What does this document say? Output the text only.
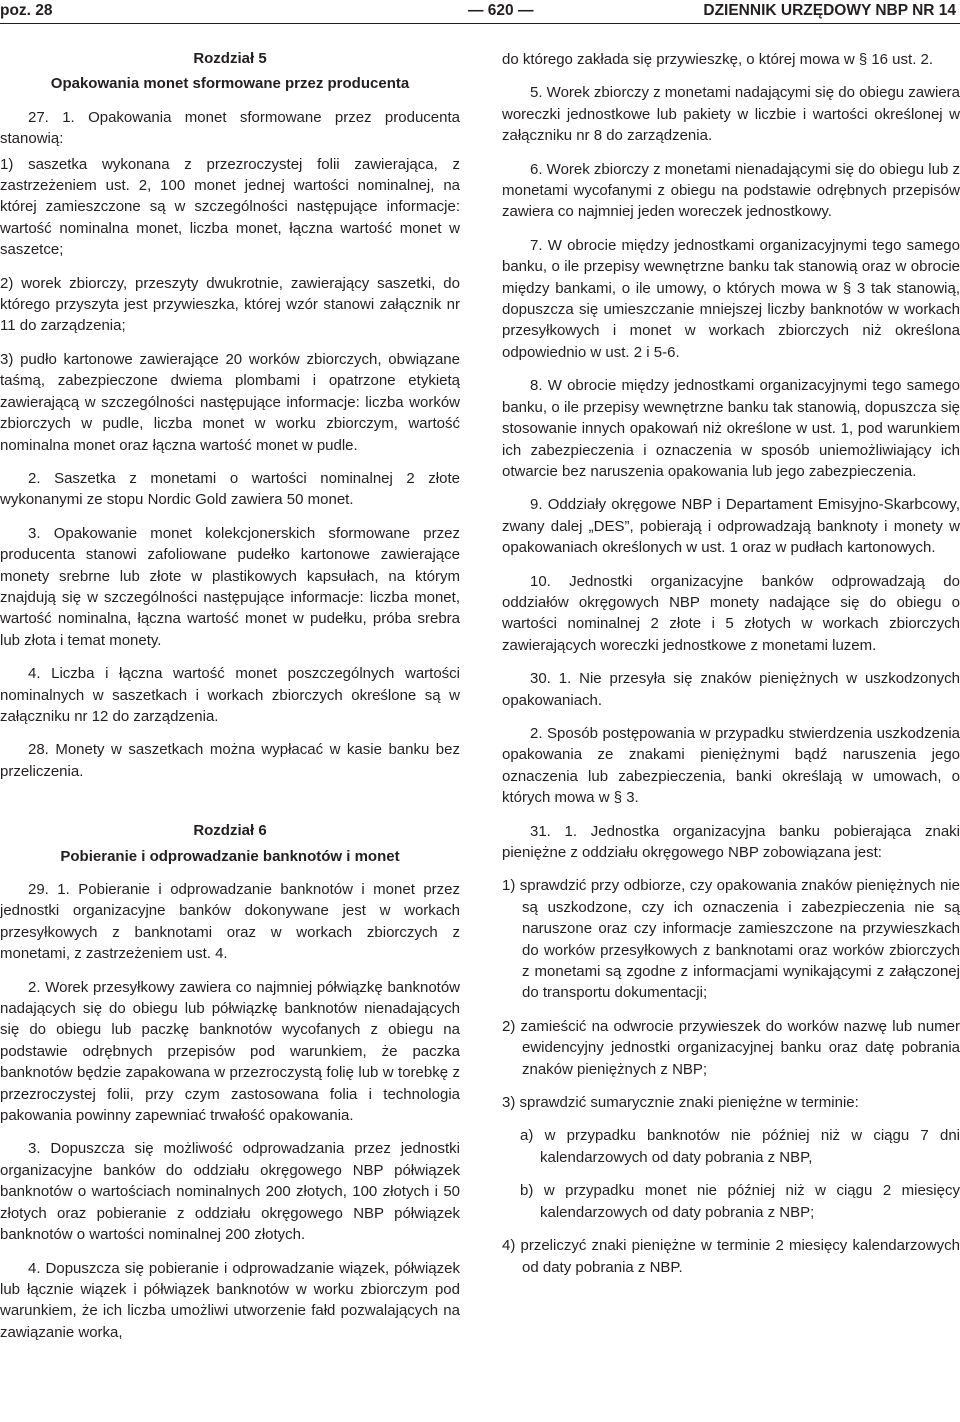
poz. 28	— 620 —	DZIENNIK URZĘDOWY NBP NR 14

Rozdział 5

Opakowania monet sformowane przez producenta

27. 1. Opakowania monet sformowane przez producenta stanowią:

1) saszetka wykonana z przezroczystej folii zawierająca, z zastrzeżeniem ust. 2, 100 monet jednej wartości nominalnej, na której zamieszczone są w szczególności następujące informacje: wartość nominalna monet, liczba monet, łączna wartość monet w saszetce;

2) worek zbiorczy, przeszyty dwukrotnie, zawierający saszetki, do którego przyszyta jest przywieszka, której wzór stanowi załącznik nr 11 do zarządzenia;

3) pudło kartonowe zawierające 20 worków zbiorczych, obwiązane taśmą, zabezpieczone dwiema plombami i opatrzone etykietą zawierającą w szczególności następujące informacje: liczba worków zbiorczych w pudle, liczba monet w worku zbiorczym, wartość nominalna monet oraz łączna wartość monet w pudle.

2. Saszetka z monetami o wartości nominalnej 2 złote wykonanymi ze stopu Nordic Gold zawiera 50 monet.

3. Opakowanie monet kolekcjonerskich sformowane przez producenta stanowi zafoliowane pudełko kartonowe zawierające monety srebrne lub złote w plastikowych kapsułach, na którym znajdują się w szczególności następujące informacje: liczba monet, wartość nominalna, łączna wartość monet w pudełku, próba srebra lub złota i temat monety.

4. Liczba i łączna wartość monet poszczególnych wartości nominalnych w saszetkach i workach zbiorczych określone są w załączniku nr 12 do zarządzenia.

28. Monety w saszetkach można wypłacać w kasie banku bez przeliczenia.

Rozdział 6

Pobieranie i odprowadzanie banknotów i monet

29. 1. Pobieranie i odprowadzanie banknotów i monet przez jednostki organizacyjne banków dokonywane jest w workach przesyłkowych z banknotami oraz w workach zbiorczych z monetami, z zastrzeżeniem ust. 4.

2. Worek przesyłkowy zawiera co najmniej półwiązkę banknotów nadających się do obiegu lub półwiązkę banknotów nienadających się do obiegu lub paczkę banknotów wycofanych z obiegu na podstawie odrębnych przepisów pod warunkiem, że paczka banknotów będzie zapakowana w przezroczystą folię lub w torebkę z przezroczystej folii, przy czym zastosowana folia i technologia pakowania powinny zapewniać trwałość opakowania.

3. Dopuszcza się możliwość odprowadzania przez jednostki organizacyjne banków do oddziału okręgowego NBP półwiązek banknotów o wartościach nominalnych 200 złotych, 100 złotych i 50 złotych oraz pobieranie z oddziału okręgowego NBP półwiązek banknotów o wartości nominalnej 200 złotych.

4. Dopuszcza się pobieranie i odprowadzanie wiązek, półwiązek lub łącznie wiązek i półwiązek banknotów w worku zbiorczym pod warunkiem, że ich liczba umożliwi utworzenie fałd pozwalających na zawiązanie worka,

do którego zakłada się przywieszkę, o której mowa w § 16 ust. 2.

5. Worek zbiorczy z monetami nadającymi się do obiegu zawiera woreczki jednostkowe lub pakiety w liczbie i wartości określonej w załączniku nr 8 do zarządzenia.

6. Worek zbiorczy z monetami nienadającymi się do obiegu lub z monetami wycofanymi z obiegu na podstawie odrębnych przepisów zawiera co najmniej jeden woreczek jednostkowy.

7. W obrocie między jednostkami organizacyjnymi tego samego banku, o ile przepisy wewnętrzne banku tak stanowią oraz w obrocie między bankami, o ile umowy, o których mowa w § 3 tak stanowią, dopuszcza się umieszczanie mniejszej liczby banknotów w workach przesyłkowych i monet w workach zbiorczych niż określona odpowiednio w ust. 2 i 5-6.

8. W obrocie między jednostkami organizacyjnymi tego samego banku, o ile przepisy wewnętrzne banku tak stanowią, dopuszcza się stosowanie innych opakowań niż określone w ust. 1, pod warunkiem ich zabezpieczenia i oznaczenia w sposób uniemożliwiający ich otwarcie bez naruszenia opakowania lub jego zabezpieczenia.

9. Oddziały okręgowe NBP i Departament Emisyjno-Skarbcowy, zwany dalej „DES”, pobierają i odprowadzają banknoty i monety w opakowaniach określonych w ust. 1 oraz w pudłach kartonowych.

10. Jednostki organizacyjne banków odprowadzają do oddziałów okręgowych NBP monety nadające się do obiegu o wartości nominalnej 2 złote i 5 złotych w workach zbiorczych zawierających woreczki jednostkowe z monetami luzem.

30. 1. Nie przesyła się znaków pieniężnych w uszkodzonych opakowaniach.

2. Sposób postępowania w przypadku stwierdzenia uszkodzenia opakowania ze znakami pieniężnymi bądź naruszenia jego oznaczenia lub zabezpieczenia, banki określają w umowach, o których mowa w § 3.

31. 1. Jednostka organizacyjna banku pobierająca znaki pieniężne z oddziału okręgowego NBP zobowiązana jest:

1) sprawdzić przy odbiorze, czy opakowania znaków pieniężnych nie są uszkodzone, czy ich oznaczenia i zabezpieczenia nie są naruszone oraz czy informacje zamieszczone na przywieszkach do worków przesyłkowych z banknotami oraz worków zbiorczych z monetami są zgodne z informacjami wynikającymi z załączonej do transportu dokumentacji;

2) zamieścić na odwrocie przywieszek do worków nazwę lub numer ewidencyjny jednostki organizacyjnej banku oraz datę pobrania znaków pieniężnych z NBP;

3) sprawdzić sumarycznie znaki pieniężne w terminie:

a) w przypadku banknotów nie później niż w ciągu 7 dni kalendarzowych od daty pobrania z NBP,

b) w przypadku monet nie później niż w ciągu 2 miesięcy kalendarzowych od daty pobrania z NBP;

4) przeliczyć znaki pieniężne w terminie 2 miesięcy kalendarzowych od daty pobrania z NBP.
